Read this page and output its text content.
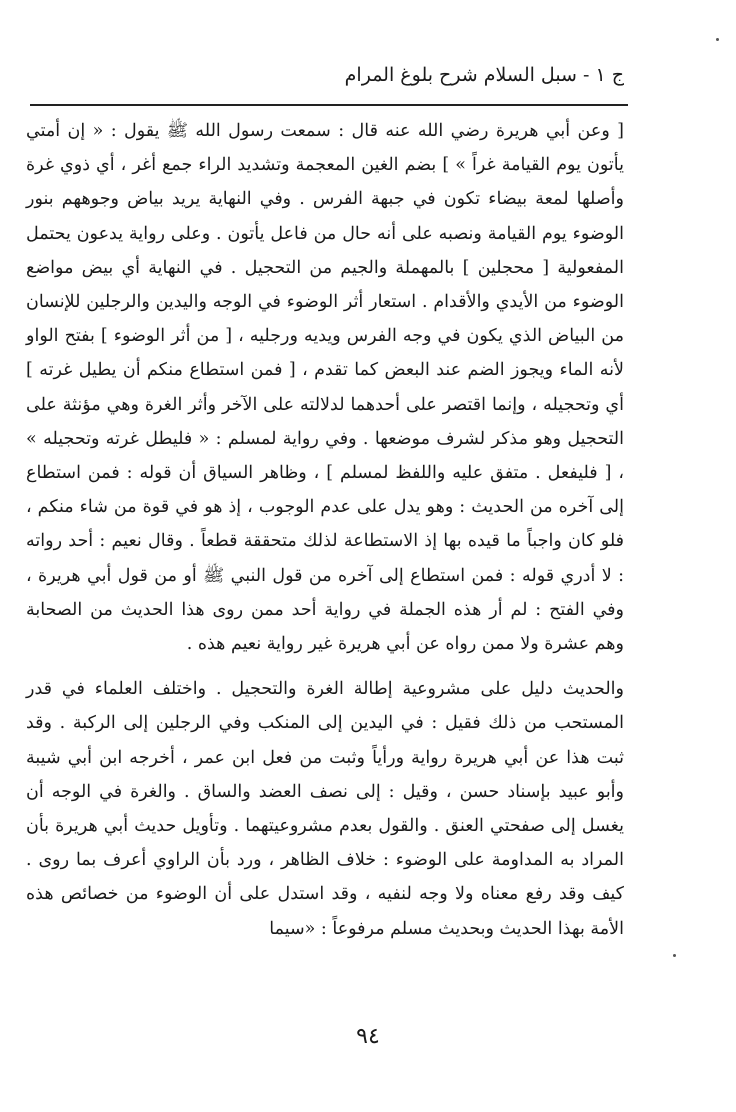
ج ١ - سبل السلام شرح بلوغ المرام

[ وعن أبي هريرة رضي الله عنه قال : سمعت رسول الله ﷺ يقول : « إن أمتي يأتون يوم القيامة غراً » ] بضم الغين المعجمة وتشديد الراء جمع أغر ، أي ذوي غرة وأصلها لمعة بيضاء تكون في جبهة الفرس . وفي النهاية يريد بياض وجوههم بنور الوضوء يوم القيامة ونصبه على أنه حال من فاعل يأتون . وعلى رواية يدعون يحتمل المفعولية [ محجلين ] بالمهملة والجيم من التحجيل . في النهاية أي بيض مواضع الوضوء من الأيدي والأقدام . استعار أثر الوضوء في الوجه واليدين والرجلين للإنسان من البياض الذي يكون في وجه الفرس ويديه ورجليه ، [ من أثر الوضوء ] بفتح الواو لأنه الماء ويجوز الضم عند البعض كما تقدم ، [ فمن استطاع منكم أن يطيل غرته ] أي وتحجيله ، وإنما اقتصر على أحدهما لدلالته على الآخر وأثر الغرة وهي مؤنثة على التحجيل وهو مذكر لشرف موضعها . وفي رواية لمسلم : « فليطل غرته وتحجيله » ، [ فليفعل . متفق عليه واللفظ لمسلم ] ، وظاهر السياق أن قوله : فمن استطاع إلى آخره من الحديث : وهو يدل على عدم الوجوب ، إذ هو في قوة من شاء منكم ، فلو كان واجباً ما قيده بها إذ الاستطاعة لذلك متحققة قطعاً . وقال نعيم : أحد رواته : لا أدري قوله : فمن استطاع إلى آخره من قول النبي ﷺ أو من قول أبي هريرة ، وفي الفتح : لم أر هذه الجملة في رواية أحد ممن روى هذا الحديث من الصحابة وهم عشرة ولا ممن رواه عن أبي هريرة غير رواية نعيم هذه .

والحديث دليل على مشروعية إطالة الغرة والتحجيل . واختلف العلماء في قدر المستحب من ذلك فقيل : في اليدين إلى المنكب وفي الرجلين إلى الركبة . وقد ثبت هذا عن أبي هريرة رواية ورأياً وثبت من فعل ابن عمر ، أخرجه ابن أبي شيبة وأبو عبيد بإسناد حسن ، وقيل : إلى نصف العضد والساق . والغرة في الوجه أن يغسل إلى صفحتي العنق . والقول بعدم مشروعيتهما . وتأويل حديث أبي هريرة بأن المراد به المداومة على الوضوء : خلاف الظاهر ، ورد بأن الراوي أعرف بما روى . كيف وقد رفع معناه ولا وجه لنفيه ، وقد استدل على أن الوضوء من خصائص هذه الأمة بهذا الحديث وبحديث مسلم مرفوعاً : «سيما

٩٤
